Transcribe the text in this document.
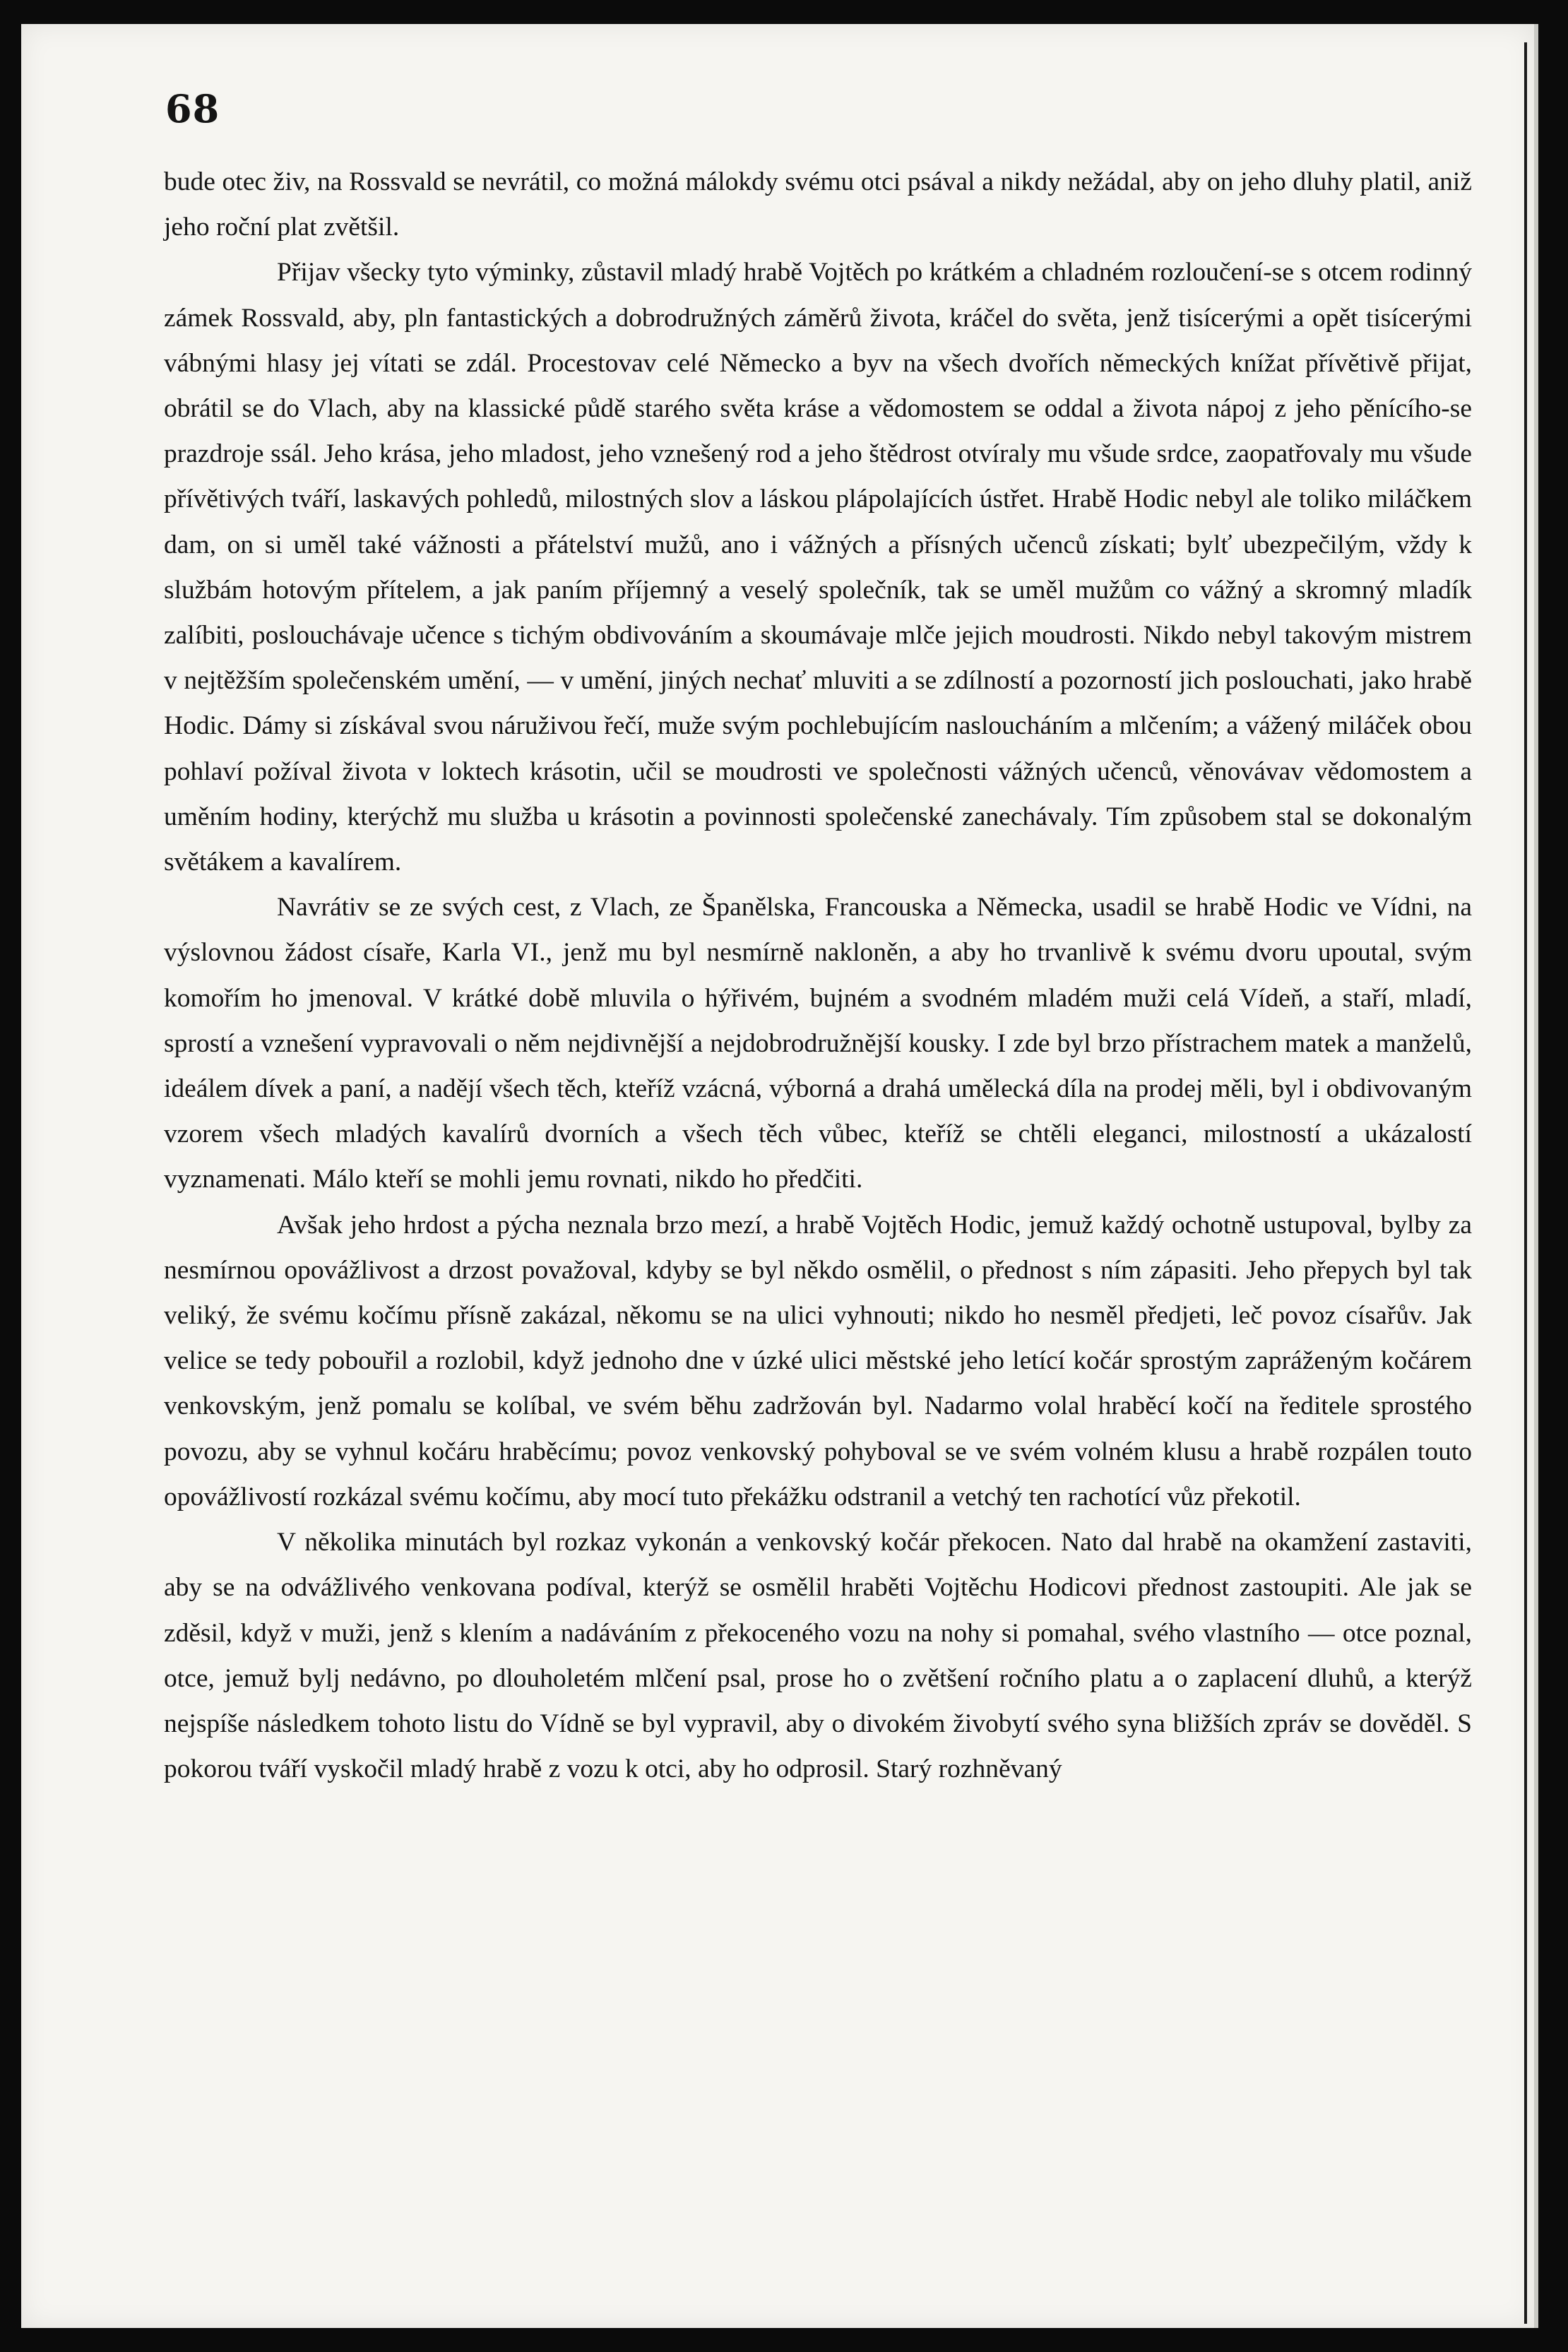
68

bude otec živ, na Rossvald se nevrátil, co možná málokdy svému otci psával a nikdy nežádal, aby on jeho dluhy platil, aniž jeho roční plat zvětšil.

Přijav všecky tyto výminky, zůstavil mladý hrabě Vojtěch po krátkém a chladném rozloučení-se s otcem rodinný zámek Rossvald, aby, pln fantastických a dobrodružných záměrů života, kráčel do světa, jenž tisícerými a opět tisícerými vábnými hlasy jej vítati se zdál. Procestovav celé Německo a byv na všech dvořích německých knížat přívětivě přijat, obrátil se do Vlach, aby na klassické půdě starého světa kráse a vědomostem se oddal a života nápoj z jeho pěnícího-se prazdroje ssál. Jeho krása, jeho mladost, jeho vznešený rod a jeho štědrost otvíraly mu všude srdce, zaopatřovaly mu všude přívětivých tváří, laskavých pohledů, milostných slov a láskou plápolajících ústřet. Hrabě Hodic nebyl ale toliko miláčkem dam, on si uměl také vážnosti a přátelství mužů, ano i vážných a přísných učenců získati; bylť ubezpečilým, vždy k službám hotovým přítelem, a jak paním příjemný a veselý společník, tak se uměl mužům co vážný a skromný mladík zalíbiti, poslouchávaje učence s tichým obdivováním a skoumávaje mlče jejich moudrosti. Nikdo nebyl takovým mistrem v nejtěžším společenském umění, — v umění, jiných nechať mluviti a se zdílností a pozorností jich poslouchati, jako hrabě Hodic. Dámy si získával svou náruživou řečí, muže svým pochlebujícím nasloucháním a mlčením; a vážený miláček obou pohlaví požíval života v loktech krásotin, učil se moudrosti ve společnosti vážných učenců, věnovávav vědomostem a uměním hodiny, kterýchž mu služba u krásotin a povinnosti společenské zanechávaly. Tím způsobem stal se dokonalým světákem a kavalírem.

Navrátiv se ze svých cest, z Vlach, ze Španělska, Francouska a Německa, usadil se hrabě Hodic ve Vídni, na výslovnou žádost císaře, Karla VI., jenž mu byl nesmírně nakloněn, a aby ho trvanlivě k svému dvoru upoutal, svým komořím ho jmenoval. V krátké době mluvila o hýřivém, bujném a svodném mladém muži celá Vídeň, a staří, mladí, sprostí a vznešení vypravovali o něm nejdivnější a nejdobrodružnější kousky. I zde byl brzo přístrachem matek a manželů, ideálem dívek a paní, a nadějí všech těch, kteříž vzácná, výborná a drahá umělecká díla na prodej měli, byl i obdivovaným vzorem všech mladých kavalírů dvorních a všech těch vůbec, kteříž se chtěli eleganci, milostností a ukázalostí vyznamenati. Málo kteří se mohli jemu rovnati, nikdo ho předčiti.

Avšak jeho hrdost a pýcha neznala brzo mezí, a hrabě Vojtěch Hodic, jemuž každý ochotně ustupoval, bylby za nesmírnou opovážlivost a drzost považoval, kdyby se byl někdo osmělil, o přednost s ním zápasiti. Jeho přepych byl tak veliký, že svému kočímu přísně zakázal, někomu se na ulici vyhnouti; nikdo ho nesměl předjeti, leč povoz císařův. Jak velice se tedy pobouřil a rozlobil, když jednoho dne v úzké ulici městské jeho letící kočár sprostým zapráženým kočárem venkovským, jenž pomalu se kolíbal, ve svém běhu zadržován byl. Nadarmo volal hraběcí kočí na ředitele sprostého povozu, aby se vyhnul kočáru hraběcímu; povoz venkovský pohyboval se ve svém volném klusu a hrabě rozpálen touto opovážlivostí rozkázal svému kočímu, aby mocí tuto překážku odstranil a vetchý ten rachotící vůz překotil.

V několika minutách byl rozkaz vykonán a venkovský kočár překocen. Nato dal hrabě na okamžení zastaviti, aby se na odvážlivého venkovana podíval, kterýž se osmělil hraběti Vojtěchu Hodicovi přednost zastoupiti. Ale jak se zděsil, když v muži, jenž s klením a nadáváním z překoceného vozu na nohy si pomahal, svého vlastního — otce poznal, otce, jemuž bylj nedávno, po dlouholetém mlčení psal, prose ho o zvětšení ročního platu a o zaplacení dluhů, a kterýž nejspíše následkem tohoto listu do Vídně se byl vypravil, aby o divokém živobytí svého syna bližších zpráv se dověděl. S pokorou tváří vyskočil mladý hrabě z vozu k otci, aby ho odprosil. Starý rozhněvaný
